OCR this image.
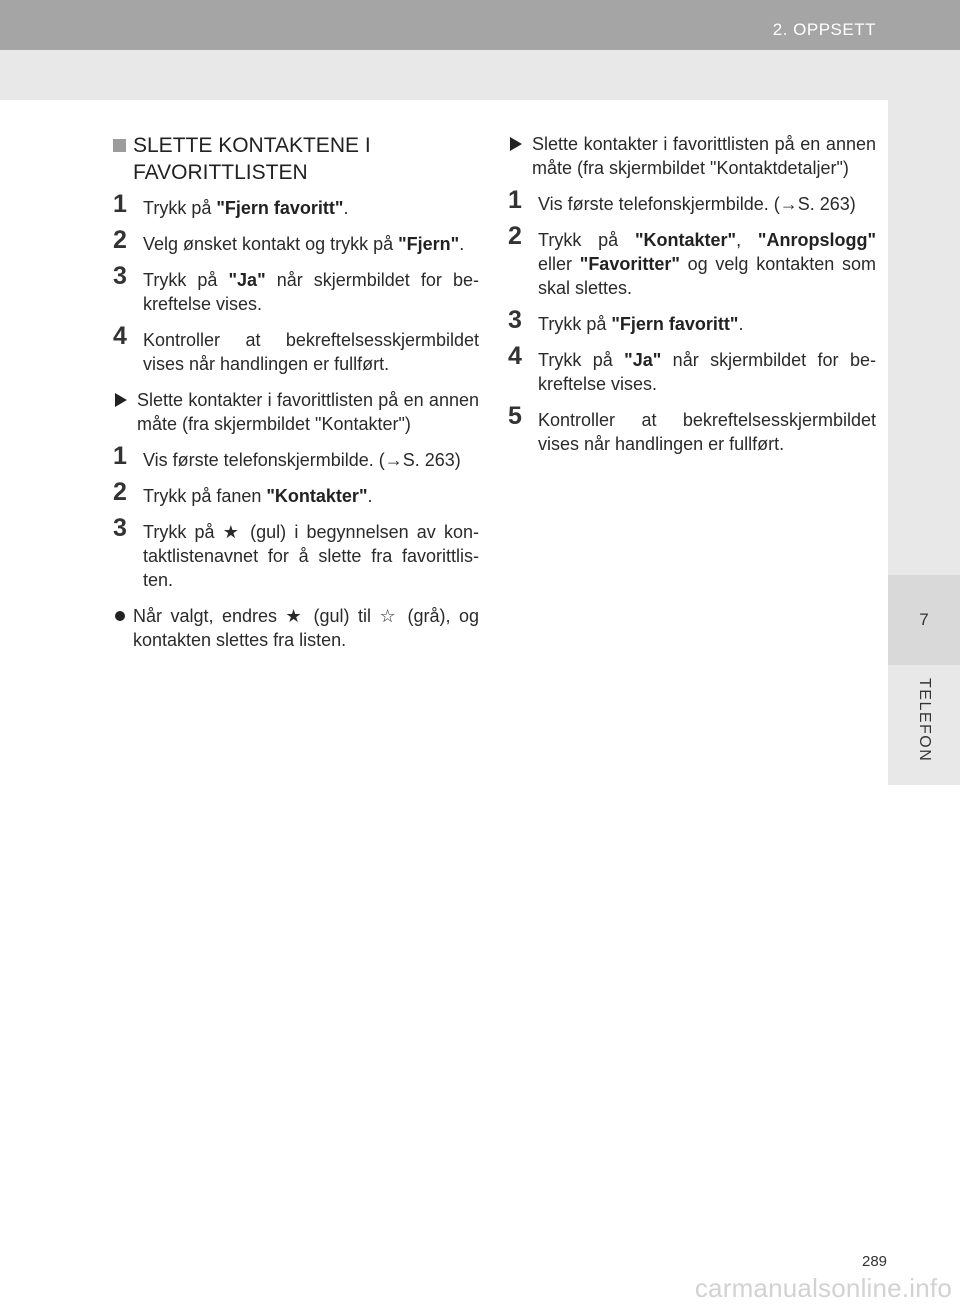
2. OPPSETT
7
TELEFON
SLETTE KONTAKTENE I FAVORITTLISTEN
1 Trykk på "Fjern favoritt".
2 Velg ønsket kontakt og trykk på "Fjern".
3 Trykk på "Ja" når skjermbildet for bekreftelse vises.
4 Kontroller at bekreftelsesskjermbildet vises når handlingen er fullført.
Slette kontakter i favorittlisten på en annen måte (fra skjermbildet "Kontakter")
1 Vis første telefonskjermbilde. (→S. 263)
2 Trykk på fanen "Kontakter".
3 Trykk på ★ (gul) i begynnelsen av kontaktlistenavnet for å slette fra favorittlisten.
Når valgt, endres ★ (gul) til ☆ (grå), og kontakten slettes fra listen.
Slette kontakter i favorittlisten på en annen måte (fra skjermbildet "Kontaktdetaljer")
1 Vis første telefonskjermbilde. (→S. 263)
2 Trykk på "Kontakter", "Anropslogg" eller "Favoritter" og velg kontakten som skal slettes.
3 Trykk på "Fjern favoritt".
4 Trykk på "Ja" når skjermbildet for bekreftelse vises.
5 Kontroller at bekreftelsesskjermbildet vises når handlingen er fullført.
289
carmanualsonline.info
